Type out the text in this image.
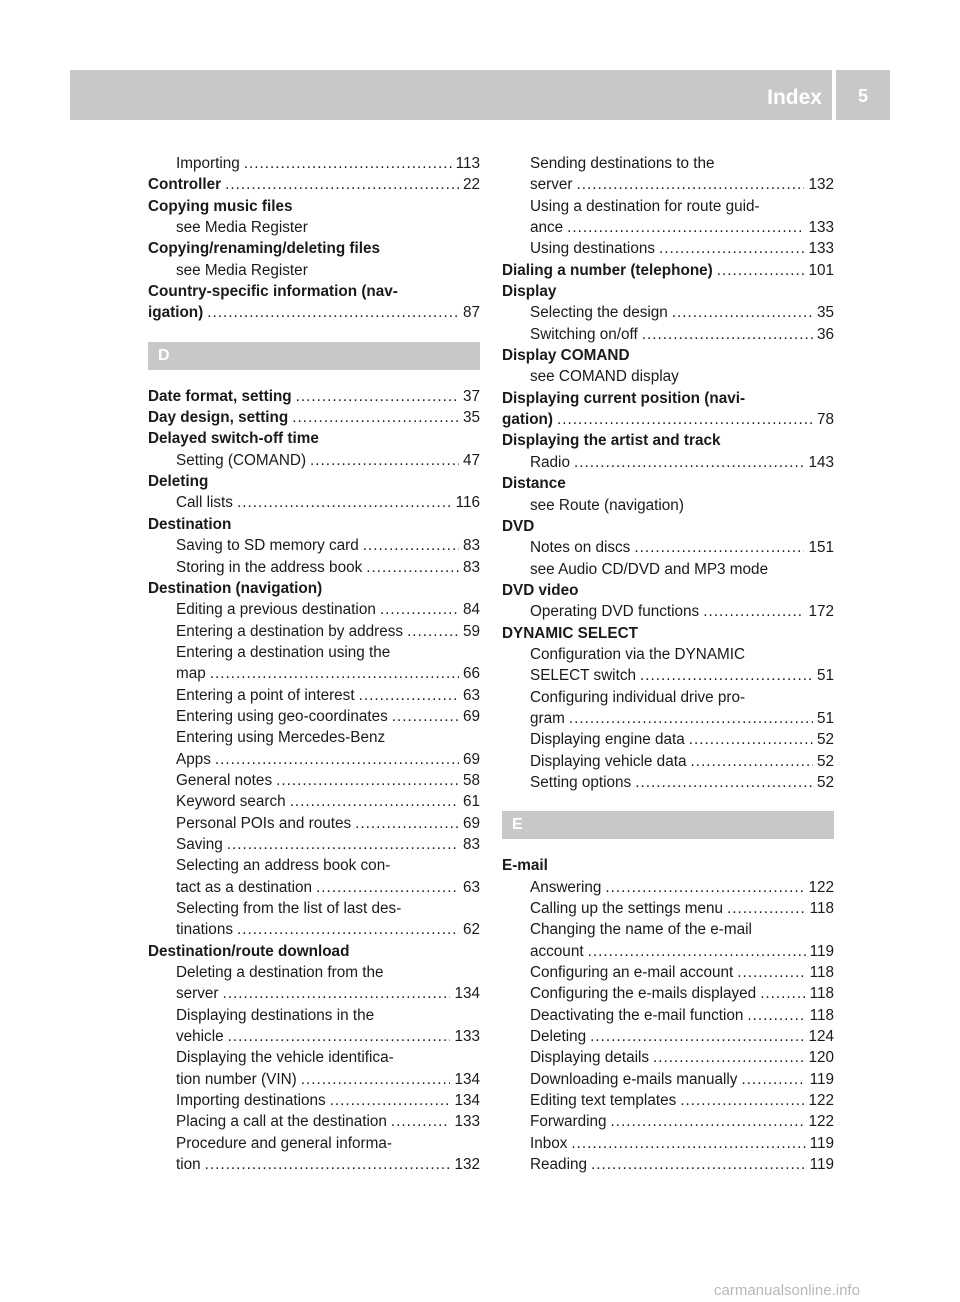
Index	5
Importing .....	113
Controller .....	22
Copying music files
see Media Register
Copying/renaming/deleting files
see Media Register
Country-specific information (nav-
igation) .....	87
D
Date format, setting .....	37
Day design, setting .....	35
Delayed switch-off time
Setting (COMAND) .....	47
Deleting
Call lists .....	116
Destination
Saving to SD memory card .....	83
Storing in the address book .....	83
Destination (navigation)
Editing a previous destination .....	84
Entering a destination by address .....	59
Entering a destination using the
map .....	66
Entering a point of interest .....	63
Entering using geo-coordinates .....	69
Entering using Mercedes-Benz
Apps .....	69
General notes .....	58
Keyword search .....	61
Personal POIs and routes .....	69
Saving .....	83
Selecting an address book con-
tact as a destination .....	63
Selecting from the list of last des-
tinations .....	62
Destination/route download
Deleting a destination from the
server .....	134
Displaying destinations in the
vehicle .....	133
Displaying the vehicle identifica-
tion number (VIN) .....	134
Importing destinations .....	134
Placing a call at the destination .....	133
Procedure and general informa-
tion .....	132
Sending destinations to the
server .....	132
Using a destination for route guid-
ance .....	133
Using destinations .....	133
Dialing a number (telephone) .....	101
Display
Selecting the design .....	35
Switching on/off .....	36
Display COMAND
see COMAND display
Displaying current position (navi-
gation) .....	78
Displaying the artist and track
Radio .....	143
Distance
see Route (navigation)
DVD
Notes on discs .....	151
see Audio CD/DVD and MP3 mode
DVD video
Operating DVD functions .....	172
DYNAMIC SELECT
Configuration via the DYNAMIC
SELECT switch .....	51
Configuring individual drive pro-
gram .....	51
Displaying engine data .....	52
Displaying vehicle data .....	52
Setting options .....	52
E
E-mail
Answering .....	122
Calling up the settings menu .....	118
Changing the name of the e-mail
account .....	119
Configuring an e-mail account .....	118
Configuring the e-mails displayed .....	118
Deactivating the e-mail function .....	118
Deleting .....	124
Displaying details .....	120
Downloading e-mails manually .....	119
Editing text templates .....	122
Forwarding .....	122
Inbox .....	119
Reading .....	119
carmanualsonline.info
